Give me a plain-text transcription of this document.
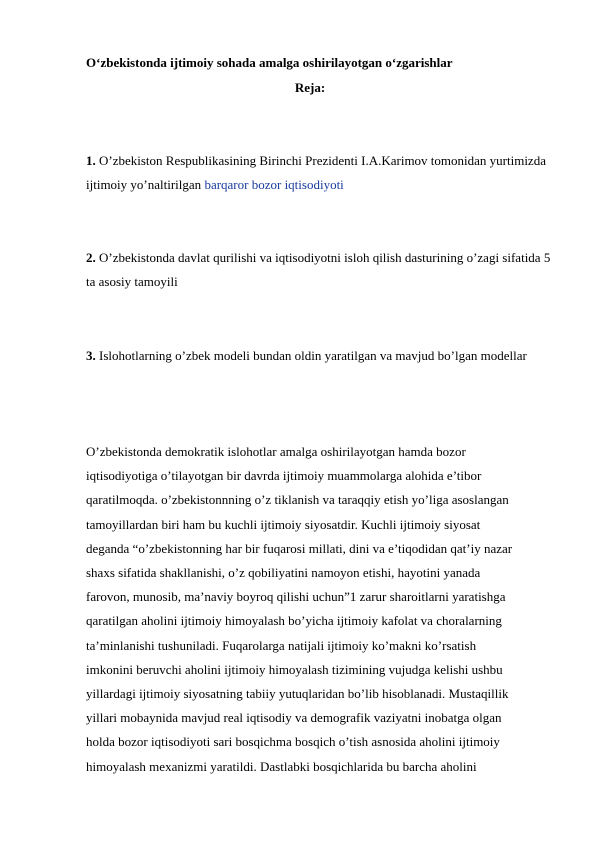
O‘zbekistonda ijtimoiy sohada amalga oshirilayotgan o‘zgarishlar
Reja:
1. O’zbekiston Respublikasining Birinchi Prezidenti I.A.Karimov tomonidan yurtimizda ijtimoiy yo’naltirilgan barqaror bozor iqtisodiyoti
2. O’zbekistonda davlat qurilishi va iqtisodiyotni isloh qilish dasturining o’zagi sifatida 5 ta asosiy tamoyili
3. Islohotlarning o’zbek modeli bundan oldin yaratilgan va mavjud bo’lgan modellar
O’zbekistonda demokratik islohotlar amalga oshirilayotgan hamda bozor
iqtisodiyotiga o’tilayotgan bir davrda ijtimoiy muammolarga alohida e’tibor
qaratilmoqda. o’zbekistonnning o’z tiklanish va taraqqiy etish yo’liga asoslangan
tamoyillardan biri ham bu kuchli ijtimoiy siyosatdir. Kuchli ijtimoiy siyosat
deganda “o’zbekistonning har bir fuqarosi millati, dini va e’tiqodidan qat’iy nazar
shaxs sifatida shakllanishi, o’z qobiliyatini namoyon etishi, hayotini yanada
farovon, munosib, ma’naviy boyroq qilishi uchun”1 zarur sharoitlarni yaratishga
qaratilgan aholini ijtimoiy himoyalash bo’yicha ijtimoiy kafolat va choralarning
ta’minlanishi tushuniladi. Fuqarolarga natijali ijtimoiy ko’makni ko’rsatish
imkonini beruvchi aholini ijtimoiy himoyalash tizimining vujudga kelishi ushbu
yillardagi ijtimoiy siyosatning tabiiy yutuqlaridan bo’lib hisoblanadi. Mustaqillik
yillari mobaynida mavjud real iqtisodiy va demografik vaziyatni inobatga olgan
holda bozor iqtisodiyoti sari bosqichma bosqich o’tish asnosida aholini ijtimoiy
himoyalash mexanizmi yaratildi. Dastlabki bosqichlarida bu barcha aholini
